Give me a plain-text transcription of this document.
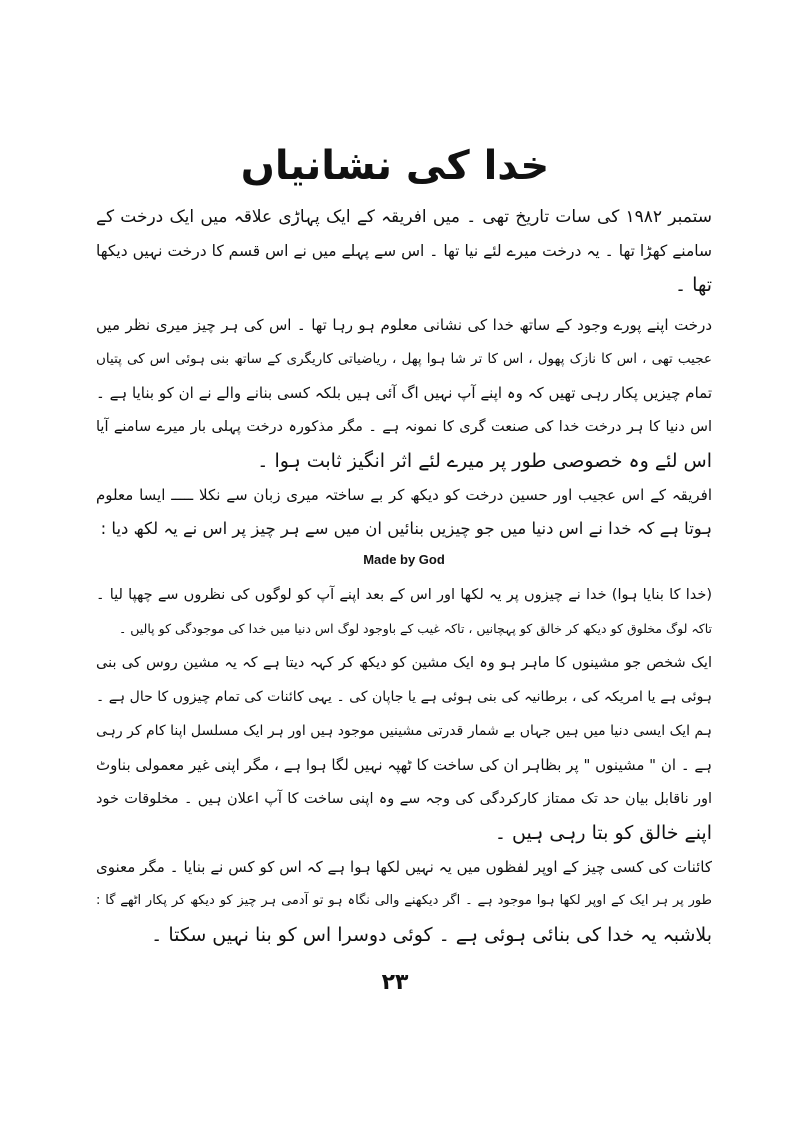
خدا کی نشانیاں
ستمبر ۱۹۸۲ کی سات تاریخ تھی ۔ میں افریقہ کے ایک پہاڑی علاقہ میں ایک درخت کے
سامنے کھڑا تھا ۔ یہ درخت میرے لئے نیا تھا ۔ اس سے پہلے میں نے اس قسم کا درخت نہیں دیکھا
تھا ۔
درخت اپنے پورے وجود کے ساتھ خدا کی نشانی معلوم ہو رہا تھا ۔ اس کی ہر چیز میری نظر میں
عجیب تھی ، اس کا نازک پھول ، اس کا تر شا ہوا پھل ، ریاضیاتی کاریگری کے ساتھ بنی ہوئی اس کی پتیاں
تمام چیزیں پکار رہی تھیں کہ وہ اپنے آپ نہیں اگ آئی ہیں بلکہ کسی بنانے والے نے ان کو بنایا ہے ۔
اس دنیا کا ہر درخت خدا کی صنعت گری کا نمونہ ہے ۔ مگر مذکورہ درخت پہلی بار میرے سامنے آیا
اس لئے وہ خصوصی طور پر میرے لئے اثر انگیز ثابت ہوا ۔
افریقہ کے اس عجیب اور حسین درخت کو دیکھ کر بے ساختہ میری زبان سے نکلا ـــــ ایسا معلوم
ہوتا ہے کہ خدا نے اس دنیا میں جو چیزیں بنائیں ان میں سے ہر چیز پر اس نے یہ لکھ دیا :
Made by God
(خدا کا بنایا ہوا) خدا نے چیزوں پر یہ لکھا اور اس کے بعد اپنے آپ کو لوگوں کی نظروں سے چھپا لیا ۔
تاکہ لوگ مخلوق کو دیکھ کر خالق کو پہچانیں ، تاکہ غیب کے باوجود لوگ اس دنیا میں خدا کی موجودگی کو پالیں ۔
ایک شخص جو مشینوں کا ماہر ہو وہ ایک مشین کو دیکھ کر کہہ دیتا ہے کہ یہ مشین روس کی بنی
ہوئی ہے یا امریکہ کی ، برطانیہ کی بنی ہوئی ہے یا جاپان کی ۔ یہی کائنات کی تمام چیزوں کا حال ہے ۔
ہم ایک ایسی دنیا میں ہیں جہاں بے شمار قدرتی مشینیں موجود ہیں اور ہر ایک مسلسل اپنا کام کر رہی
ہے ۔ ان " مشینوں " پر بظاہر ان کی ساخت کا ٹھپہ نہیں لگا ہوا ہے ، مگر اپنی غیر معمولی بناوٹ
اور ناقابل بیان حد تک ممتاز کارکردگی کی وجہ سے وہ اپنی ساخت کا آپ اعلان ہیں ۔ مخلوقات خود
اپنے خالق کو بتا رہی ہیں ۔
کائنات کی کسی چیز کے اوپر لفظوں میں یہ نہیں لکھا ہوا ہے کہ اس کو کس نے بنایا ۔ مگر معنوی
طور پر ہر ایک کے اوپر لکھا ہوا موجود ہے ۔ اگر دیکھنے والی نگاہ ہو تو آدمی ہر چیز کو دیکھ کر پکار اٹھے گا :
بلاشبہ یہ خدا کی بنائی ہوئی ہے ۔ کوئی دوسرا اس کو بنا نہیں سکتا ۔
۲۳
